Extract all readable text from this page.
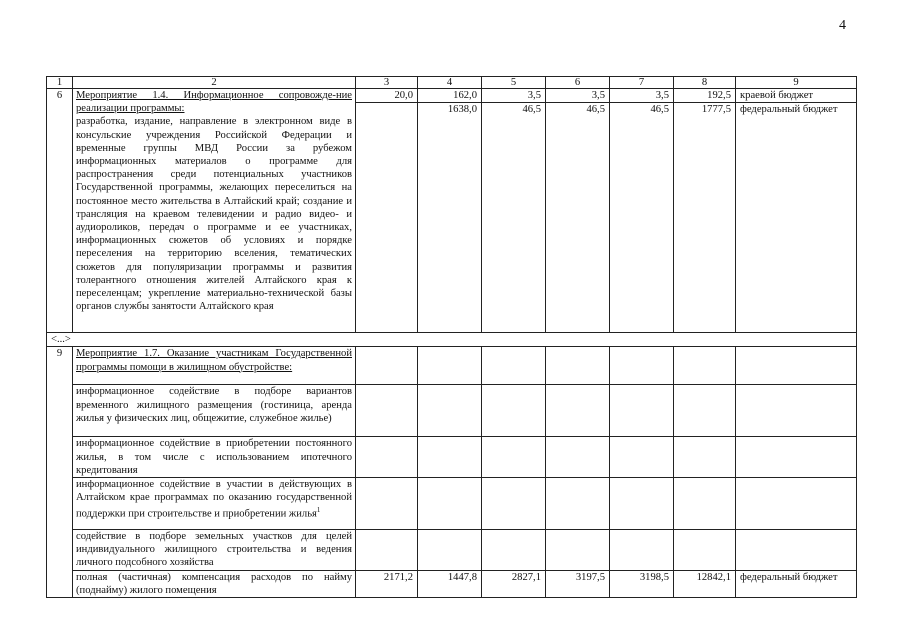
4
1	2	3	4	5	6	7	8	9
6	Мероприятие 1.4. Информационное сопровожде-ние реализации программы:
разработка, издание, направление в электронном виде в консульские учреждения Российской Федерации и временные группы МВД России за рубежом информационных материалов о программе для распространения среди потенциальных участников Государственной программы, желающих переселиться на постоянное место жительства в Алтайский край; создание и трансляция на краевом телевидении и радио видео- и аудиороликов, передач о программе и ее участниках, информационных сюжетов об условиях и порядке переселения на территорию вселения, тематических сюжетов для популяризации программы и развития толерантного отношения жителей Алтайского края к переселенцам; укрепление материально-технической базы органов службы занятости Алтайского края	20,0	162,0	3,5	3,5	3,5	192,5	краевой бюджет
			1638,0	46,5	46,5	46,5	1777,5	федеральный бюджет
<...>								
9	Мероприятие 1.7. Оказание участникам Государственной программы помощи в жилищном обустройстве:							

	информационное содействие в подборе вариантов временного жилищного размещения (гостиница, аренда жилья у физических лиц, общежитие, служебное жилье)							
	информационное содействие в приобретении постоянного жилья, в том числе с использованием ипотечного кредитования							
	информационное содействие в участии в действующих в Алтайском крае программах по оказанию государственной поддержки при строительстве и приобретении жилья$^1$							
	содействие в подборе земельных участков для целей индивидуального жилищного строительства и ведения личного подсобного хозяйства							
	полная (частичная) компенсация расходов по найму (поднайму) жилого помещения	2171,2	1447,8	2827,1	3197,5	3198,5	12842,1	федеральный бюджет
